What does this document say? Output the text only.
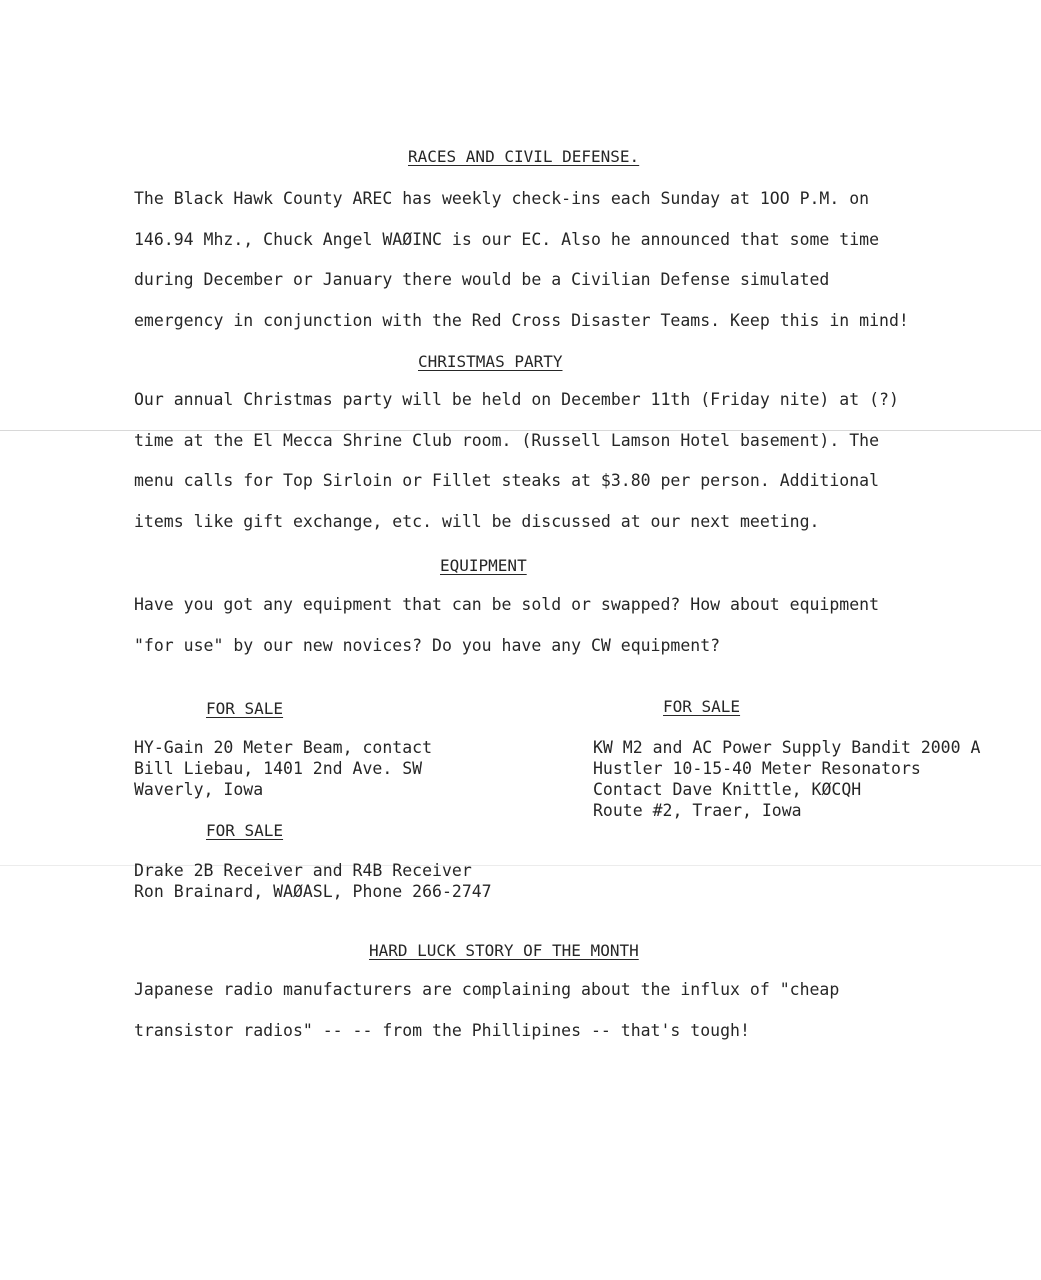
RACES AND CIVIL DEFENSE.
The Black Hawk County AREC has weekly check-ins each Sunday at 1OO P.M. on
146.94 Mhz., Chuck Angel WAØINC is our EC. Also he announced that some time
during December or January there would be a Civilian Defense simulated
emergency in conjunction with the Red Cross Disaster Teams. Keep this in mind!
CHRISTMAS PARTY
Our annual Christmas party will be held on December 11th (Friday nite) at (?)
time at the El Mecca Shrine Club room. (Russell Lamson Hotel basement). The
menu calls for Top Sirloin or Fillet steaks at $3.80 per person. Additional
items like gift exchange, etc. will be discussed at our next meeting.
EQUIPMENT
Have you got any equipment that can be sold or swapped? How about equipment
"for use" by our new novices? Do you have any CW equipment?
FOR SALE
HY-Gain 20 Meter Beam, contact
Bill Liebau, 1401 2nd Ave. SW
Waverly, Iowa
FOR SALE
KW M2 and AC Power Supply Bandit 2000 A
Hustler 10-15-40 Meter Resonators
Contact Dave Knittle, KØCQH
Route #2, Traer, Iowa
FOR SALE
Drake 2B Receiver and R4B Receiver
Ron Brainard, WAØASL, Phone 266-2747
HARD LUCK STORY OF THE MONTH
Japanese radio manufacturers are complaining about the influx of "cheap
transistor radios" -- -- from the Phillipines -- that's tough!
